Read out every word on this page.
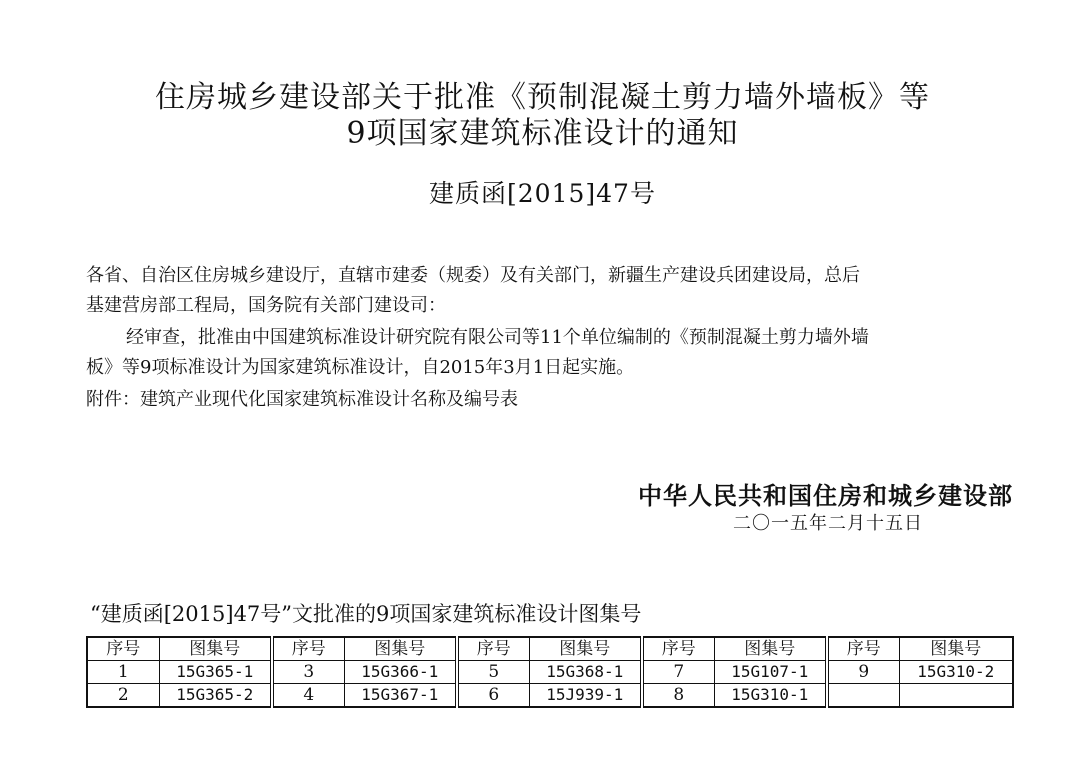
住房城乡建设部关于批准《预制混凝土剪力墙外墙板》等
9项国家建筑标准设计的通知
建质函[2015]47号
各省、自治区住房城乡建设厅，直辖市建委（规委）及有关部门，新疆生产建设兵团建设局，总后
基建营房部工程局，国务院有关部门建设司：
经审查，批准由中国建筑标准设计研究院有限公司等11个单位编制的《预制混凝土剪力墙外墙
板》等9项标准设计为国家建筑标准设计，自2015年3月1日起实施。
附件：建筑产业现代化国家建筑标准设计名称及编号表
中华人民共和国住房和城乡建设部
二〇一五年二月十五日
“建质函[2015]47号”文批准的9项国家建筑标准设计图集号
序号	图集号	序号	图集号	序号	图集号	序号	图集号	序号	图集号
1	15G365-1	3	15G366-1	5	15G368-1	7	15G107-1	9	15G310-2
2	15G365-2	4	15G367-1	6	15J939-1	8	15G310-1		
